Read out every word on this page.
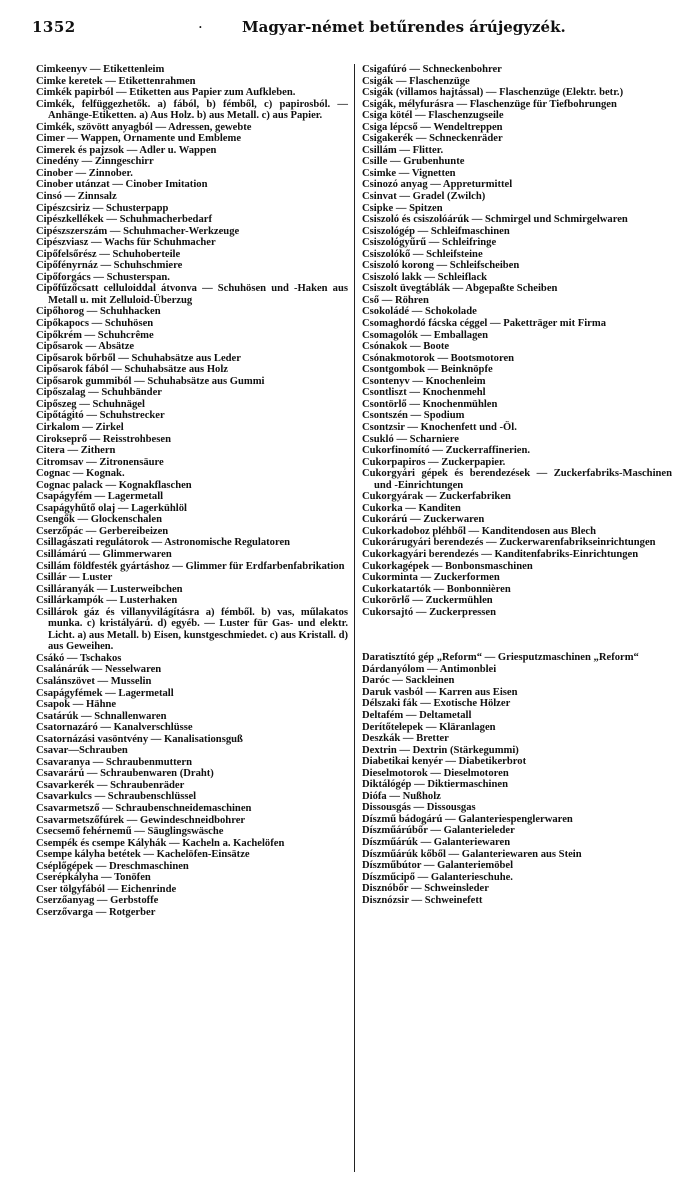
1352	·	Magyar-német betűrendes árújegyzék.
Cimkeenyv — Etikettenleim
Cimke keretek — Etikettenrahmen
Cimkék papirból — Etiketten aus Papier zum Aufkleben.
Cimkék, felfüggezhetők. a) fából, b) fémből, c) papirosból. — Anhänge-Etiketten. a) Aus Holz. b) aus Metall. c) aus Papier.
Cimkék, szövött anyagból — Adressen, gewebte
Cimer — Wappen, Ornamente und Embleme
Cimerek és pajzsok — Adler u. Wappen
Cinedény — Zinngeschirr
Cinober — Zinnober.
Cinober utánzat — Cinober Imitation
Cinsó — Zinnsalz
Cipészcsiriz — Schusterpapp
Cipészkellékek — Schuhmacherbedarf
Cipészszerszám — Schuhmacher-Werkzeuge
Cipészviasz — Wachs für Schuhmacher
Cipőfelsőrész — Schuhoberteile
Cipőfényrnáz — Schuhschmiere
Cipőforgács — Schusterspan.
Cipőfűzőcsatt celluloiddal átvonva — Schuhösen und -Haken aus Metall u. mit Zelluloid-Überzug
Cipőhorog — Schuhhacken
Cipőkapocs — Schuhösen
Cipőkrém — Schuhcrême
Cipősarok — Absätze
Cipősarok bőrből — Schuhabsätze aus Leder
Cipősarok fából — Schuhabsätze aus Holz
Cipősarok gummiból — Schuhabsätze aus Gummi
Cipőszalag — Schuhbänder
Cipőszeg — Schuhnägel
Cipőtágitó — Schuhstrecker
Cirkalom — Zirkel
Cirokseprő — Reisstrohbesen
Citera — Zithern
Citromsav — Zitronensäure
Cognac — Kognak.
Cognac palack — Kognakflaschen
Csapágyfém — Lagermetall
Csapágyhűtő olaj — Lagerkühlöl
Csengők — Glockenschalen
Cserzőpác — Gerbereibeizen
Csillagászati regulátorok — Astronomische Regulatoren
Csillámárú — Glimmerwaren
Csillám földfesték gyártáshoz — Glimmer für Erdfarbenfabrikation
Csillár — Luster
Csilláranyák — Lusterweibchen
Csillárkampók — Lusterhaken
Csillárok gáz és villanyvilágításra a) fémből. b) vas, műlakatos munka. c) kristályárú. d) egyéb. — Luster für Gas- und elektr. Licht. a) aus Metall. b) Eisen, kunstgeschmiedet. c) aus Kristall. d) aus Geweihen.
Csákó — Tschakos
Csalánárúk — Nesselwaren
Csalánszövet — Musselin
Csapágyfémek — Lagermetall
Csapok — Hähne
Csatárúk — Schnallenwaren
Csatornazáró — Kanalverschlüsse
Csatornázási vasöntvény — Kanalisationsguß
Csavar—Schrauben
Csavaranya — Schraubenmuttern
Csavarárú — Schraubenwaren (Draht)
Csavarkerék — Schraubenräder
Csavarkulcs — Schraubenschlüssel
Csavarmetsző — Schraubenschneidemaschinen
Csavarmetszőfúrek — Gewindeschneidbohrer
Csecsemő fehérnemű — Säuglingswäsche
Csempék és csempe Kályhák — Kacheln a. Kachelöfen
Csempe kályha betétek — Kachelöfen-Einsätze
Cséplőgépek — Dreschmaschinen
Cserépkályha — Tonöfen
Cser tölgyfából — Eichenrinde
Cserzőanyag — Gerbstoffe
Cserzővarga — Rotgerber
Csigafúró — Schneckenbohrer
Csigák — Flaschenzüge
Csigák (villamos hajtással) — Flaschenzüge (Elektr. betr.)
Csigák, mélyfurásra — Flaschenzüge für Tiefbohrungen
Csiga kötél — Flaschenzugseile
Csiga lépcső — Wendeltreppen
Csigakerék — Schneckenräder
Csillám — Flitter.
Csille — Grubenhunte
Csimke — Vignetten
Csinozó anyag — Appreturmittel
Csinvat — Gradel (Zwilch)
Csipke — Spitzen
Csiszoló és csiszolóárúk — Schmirgel und Schmirgelwaren
Csiszológép — Schleifmaschinen
Csiszológyűrű — Schleifringe
Csiszolókő — Schleifsteine
Csiszoló korong — Schleifscheiben
Csiszoló lakk — Schleiflack
Csiszolt üvegtáblák — Abgepaßte Scheiben
Cső — Röhren
Csokoládé — Schokolade
Csomaghordó fácska céggel — Paketträger mit Firma
Csomagolók — Emballagen
Csónakok — Boote
Csónakmotorok — Bootsmotoren
Csontgombok — Beinknöpfe
Csontenyv — Knochenleim
Csontliszt — Knochenmehl
Csontörlő — Knochenmühlen
Csontszén — Spodium
Csontzsir — Knochenfett und -Öl.
Csukló — Scharniere
Cukorfinomító — Zuckerraffinerien.
Cukorpapiros — Zuckerpapier.
Cukorgyári gépek és berendezések — Zuckerfabriks-Maschinen und -Einrichtungen
Cukorgyárak — Zuckerfabriken
Cukorka — Kanditen
Cukorárú — Zuckerwaren
Cukorkadoboz pléhből — Kanditendosen aus Blech
Cukorárugyári berendezés — Zuckerwarenfabrikseinrichtungen
Cukorkagyári berendezés — Kanditenfabriks-Einrichtungen
Cukorkagépek — Bonbonsmaschinen
Cukorminta — Zuckerformen
Cukorkatartók — Bonbonnièren
Cukorörlő — Zuckermühlen
Cukorsajtó — Zuckerpressen
Daratisztító gép „Reform“ — Griesputzmaschinen „Reform“
Dárdanyólom — Antimonblei
Daróc — Sackleinen
Daruk vasból — Karren aus Eisen
Délszaki fák — Exotische Hölzer
Deltafém — Deltametall
Derítőtelepek — Kläranlagen
Deszkák — Bretter
Dextrin — Dextrin (Stärkegummi)
Diabetikai kenyér — Diabetikerbrot
Dieselmotorok — Dieselmotoren
Diktálógép — Diktiermaschinen
Diófa — Nußholz
Dissousgás — Dissousgas
Díszmű bádogárú — Galanteriespenglerwaren
Díszműárúbőr — Galanterieleder
Díszműárúk — Galanteriewaren
Díszműárúk kőből — Galanteriewaren aus Stein
Díszműbútor — Galanteriemöbel
Díszműcipő — Galanterieschuhe.
Disznóbőr — Schweinsleder
Disznózsir — Schweinefett
